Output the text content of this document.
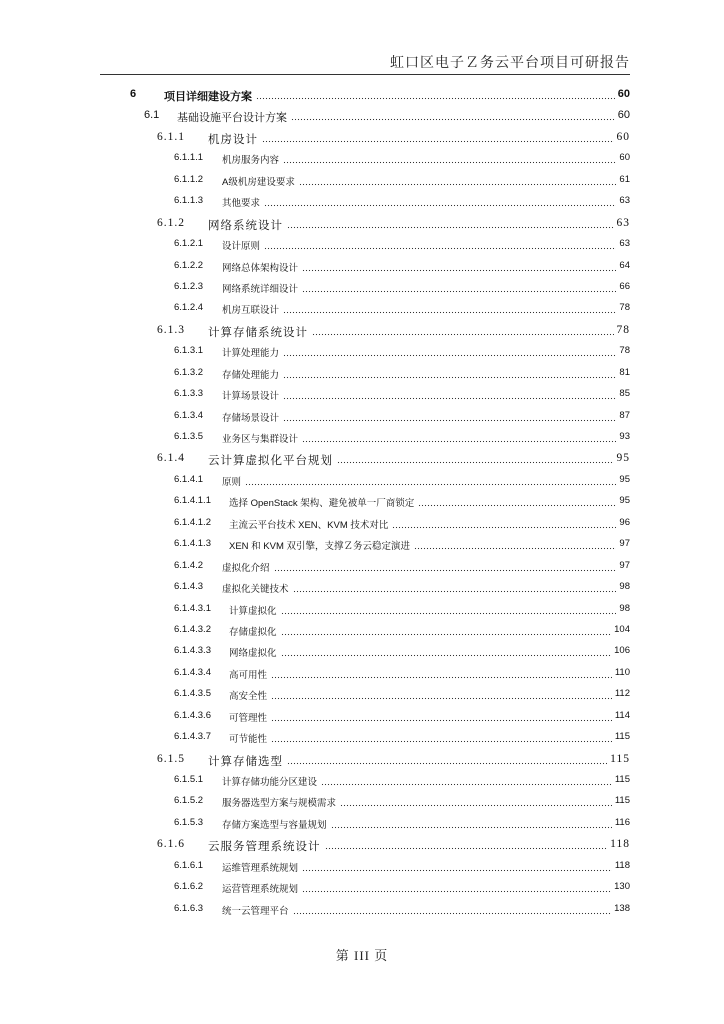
虹口区电子Ｚ务云平台项目可研报告
6	项目详细建设方案	60
6.1 基础设施平台设计方案	60
6.1.1 机房设计	60
6.1.1.1 机房服务内容	60
6.1.1.2 A级机房建设要求	61
6.1.1.3 其他要求	63
6.1.2 网络系统设计	63
6.1.2.1 设计原则	63
6.1.2.2 网络总体架构设计	64
6.1.2.3 网络系统详细设计	66
6.1.2.4 机房互联设计	78
6.1.3 计算存储系统设计	78
6.1.3.1 计算处理能力	78
6.1.3.2 存储处理能力	81
6.1.3.3 计算场景设计	85
6.1.3.4 存储场景设计	87
6.1.3.5 业务区与集群设计	93
6.1.4 云计算虚拟化平台规划	95
6.1.4.1 原则	95
6.1.4.1.1 选择 OpenStack 架构、避免被单一厂商锁定	95
6.1.4.1.2 主流云平台技术 XEN、KVM 技术对比	96
6.1.4.1.3 XEN 和 KVM 双引擎，支撑Ｚ务云稳定演进	97
6.1.4.2 虚拟化介绍	97
6.1.4.3 虚拟化关键技术	98
6.1.4.3.1 计算虚拟化	98
6.1.4.3.2 存储虚拟化	104
6.1.4.3.3 网络虚拟化	106
6.1.4.3.4 高可用性	110
6.1.4.3.5 高安全性	112
6.1.4.3.6 可管理性	114
6.1.4.3.7 可节能性	115
6.1.5 计算存储选型	115
6.1.5.1 计算存储功能分区建设	115
6.1.5.2 服务器选型方案与规模需求	115
6.1.5.3 存储方案选型与容量规划	116
6.1.6 云服务管理系统设计	118
6.1.6.1 运维管理系统规划	118
6.1.6.2 运营管理系统规划	130
6.1.6.3 统一云管理平台	138
第 III 页
